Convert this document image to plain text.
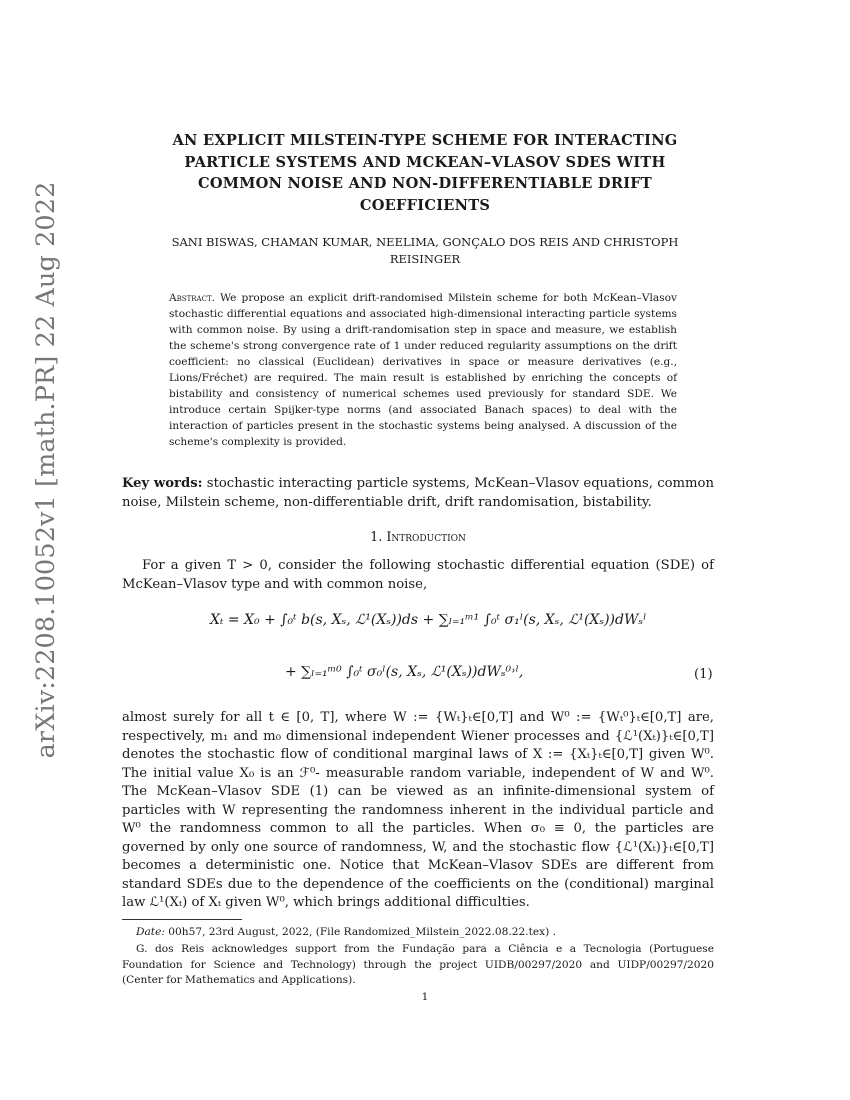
arXiv:2208.10052v1 [math.PR] 22 Aug 2022
AN EXPLICIT MILSTEIN-TYPE SCHEME FOR INTERACTING PARTICLE SYSTEMS AND MCKEAN–VLASOV SDES WITH COMMON NOISE AND NON-DIFFERENTIABLE DRIFT COEFFICIENTS
SANI BISWAS, CHAMAN KUMAR, NEELIMA, GONÇALO DOS REIS AND CHRISTOPH REISINGER
Abstract. We propose an explicit drift-randomised Milstein scheme for both McKean–Vlasov stochastic differential equations and associated high-dimensional interacting particle systems with common noise. By using a drift-randomisation step in space and measure, we establish the scheme's strong convergence rate of 1 under reduced regularity assumptions on the drift coefficient: no classical (Euclidean) derivatives in space or measure derivatives (e.g., Lions/Fréchet) are required. The main result is established by enriching the concepts of bistability and consistency of numerical schemes used previously for standard SDE. We introduce certain Spijker-type norms (and associated Banach spaces) to deal with the interaction of particles present in the stochastic systems being analysed. A discussion of the scheme's complexity is provided.
Key words: stochastic interacting particle systems, McKean–Vlasov equations, common noise, Milstein scheme, non-differentiable drift, drift randomisation, bistability.
1. Introduction
For a given T > 0, consider the following stochastic differential equation (SDE) of McKean–Vlasov type and with common noise,
Xₜ = X₀ + ∫₀ᵗ b(s, Xₛ, ℒ¹(Xₛ))ds + ∑ₗ₌₁ᵐ¹ ∫₀ᵗ σ₁ˡ(s, Xₛ, ℒ¹(Xₛ))dWₛˡ
+ ∑ₗ₌₁ᵐ⁰ ∫₀ᵗ σ₀ˡ(s, Xₛ, ℒ¹(Xₛ))dWₛ⁰˒ˡ,	(1)
almost surely for all t ∈ [0, T], where W := {Wₜ}ₜ∈[0,T] and W⁰ := {Wₜ⁰}ₜ∈[0,T] are, respectively, m₁ and m₀ dimensional independent Wiener processes and {ℒ¹(Xₜ)}ₜ∈[0,T] denotes the stochastic flow of conditional marginal laws of X := {Xₜ}ₜ∈[0,T] given W⁰. The initial value X₀ is an ℱ⁰- measurable random variable, independent of W and W⁰. The McKean–Vlasov SDE (1) can be viewed as an infinite-dimensional system of particles with W representing the randomness inherent in the individual particle and W⁰ the randomness common to all the particles. When σ₀ ≡ 0, the particles are governed by only one source of randomness, W, and the stochastic flow {ℒ¹(Xₜ)}ₜ∈[0,T] becomes a deterministic one. Notice that McKean–Vlasov SDEs are different from standard SDEs due to the dependence of the coefficients on the (conditional) marginal law ℒ¹(Xₜ) of Xₜ given W⁰, which brings additional difficulties.
Date: 00h57, 23rd August, 2022, (File Randomized_Milstein_2022.08.22.tex) .
G. dos Reis acknowledges support from the Fundação para a Ciência e a Tecnologia (Portuguese Foundation for Science and Technology) through the project UIDB/00297/2020 and UIDP/00297/2020 (Center for Mathematics and Applications).
1
